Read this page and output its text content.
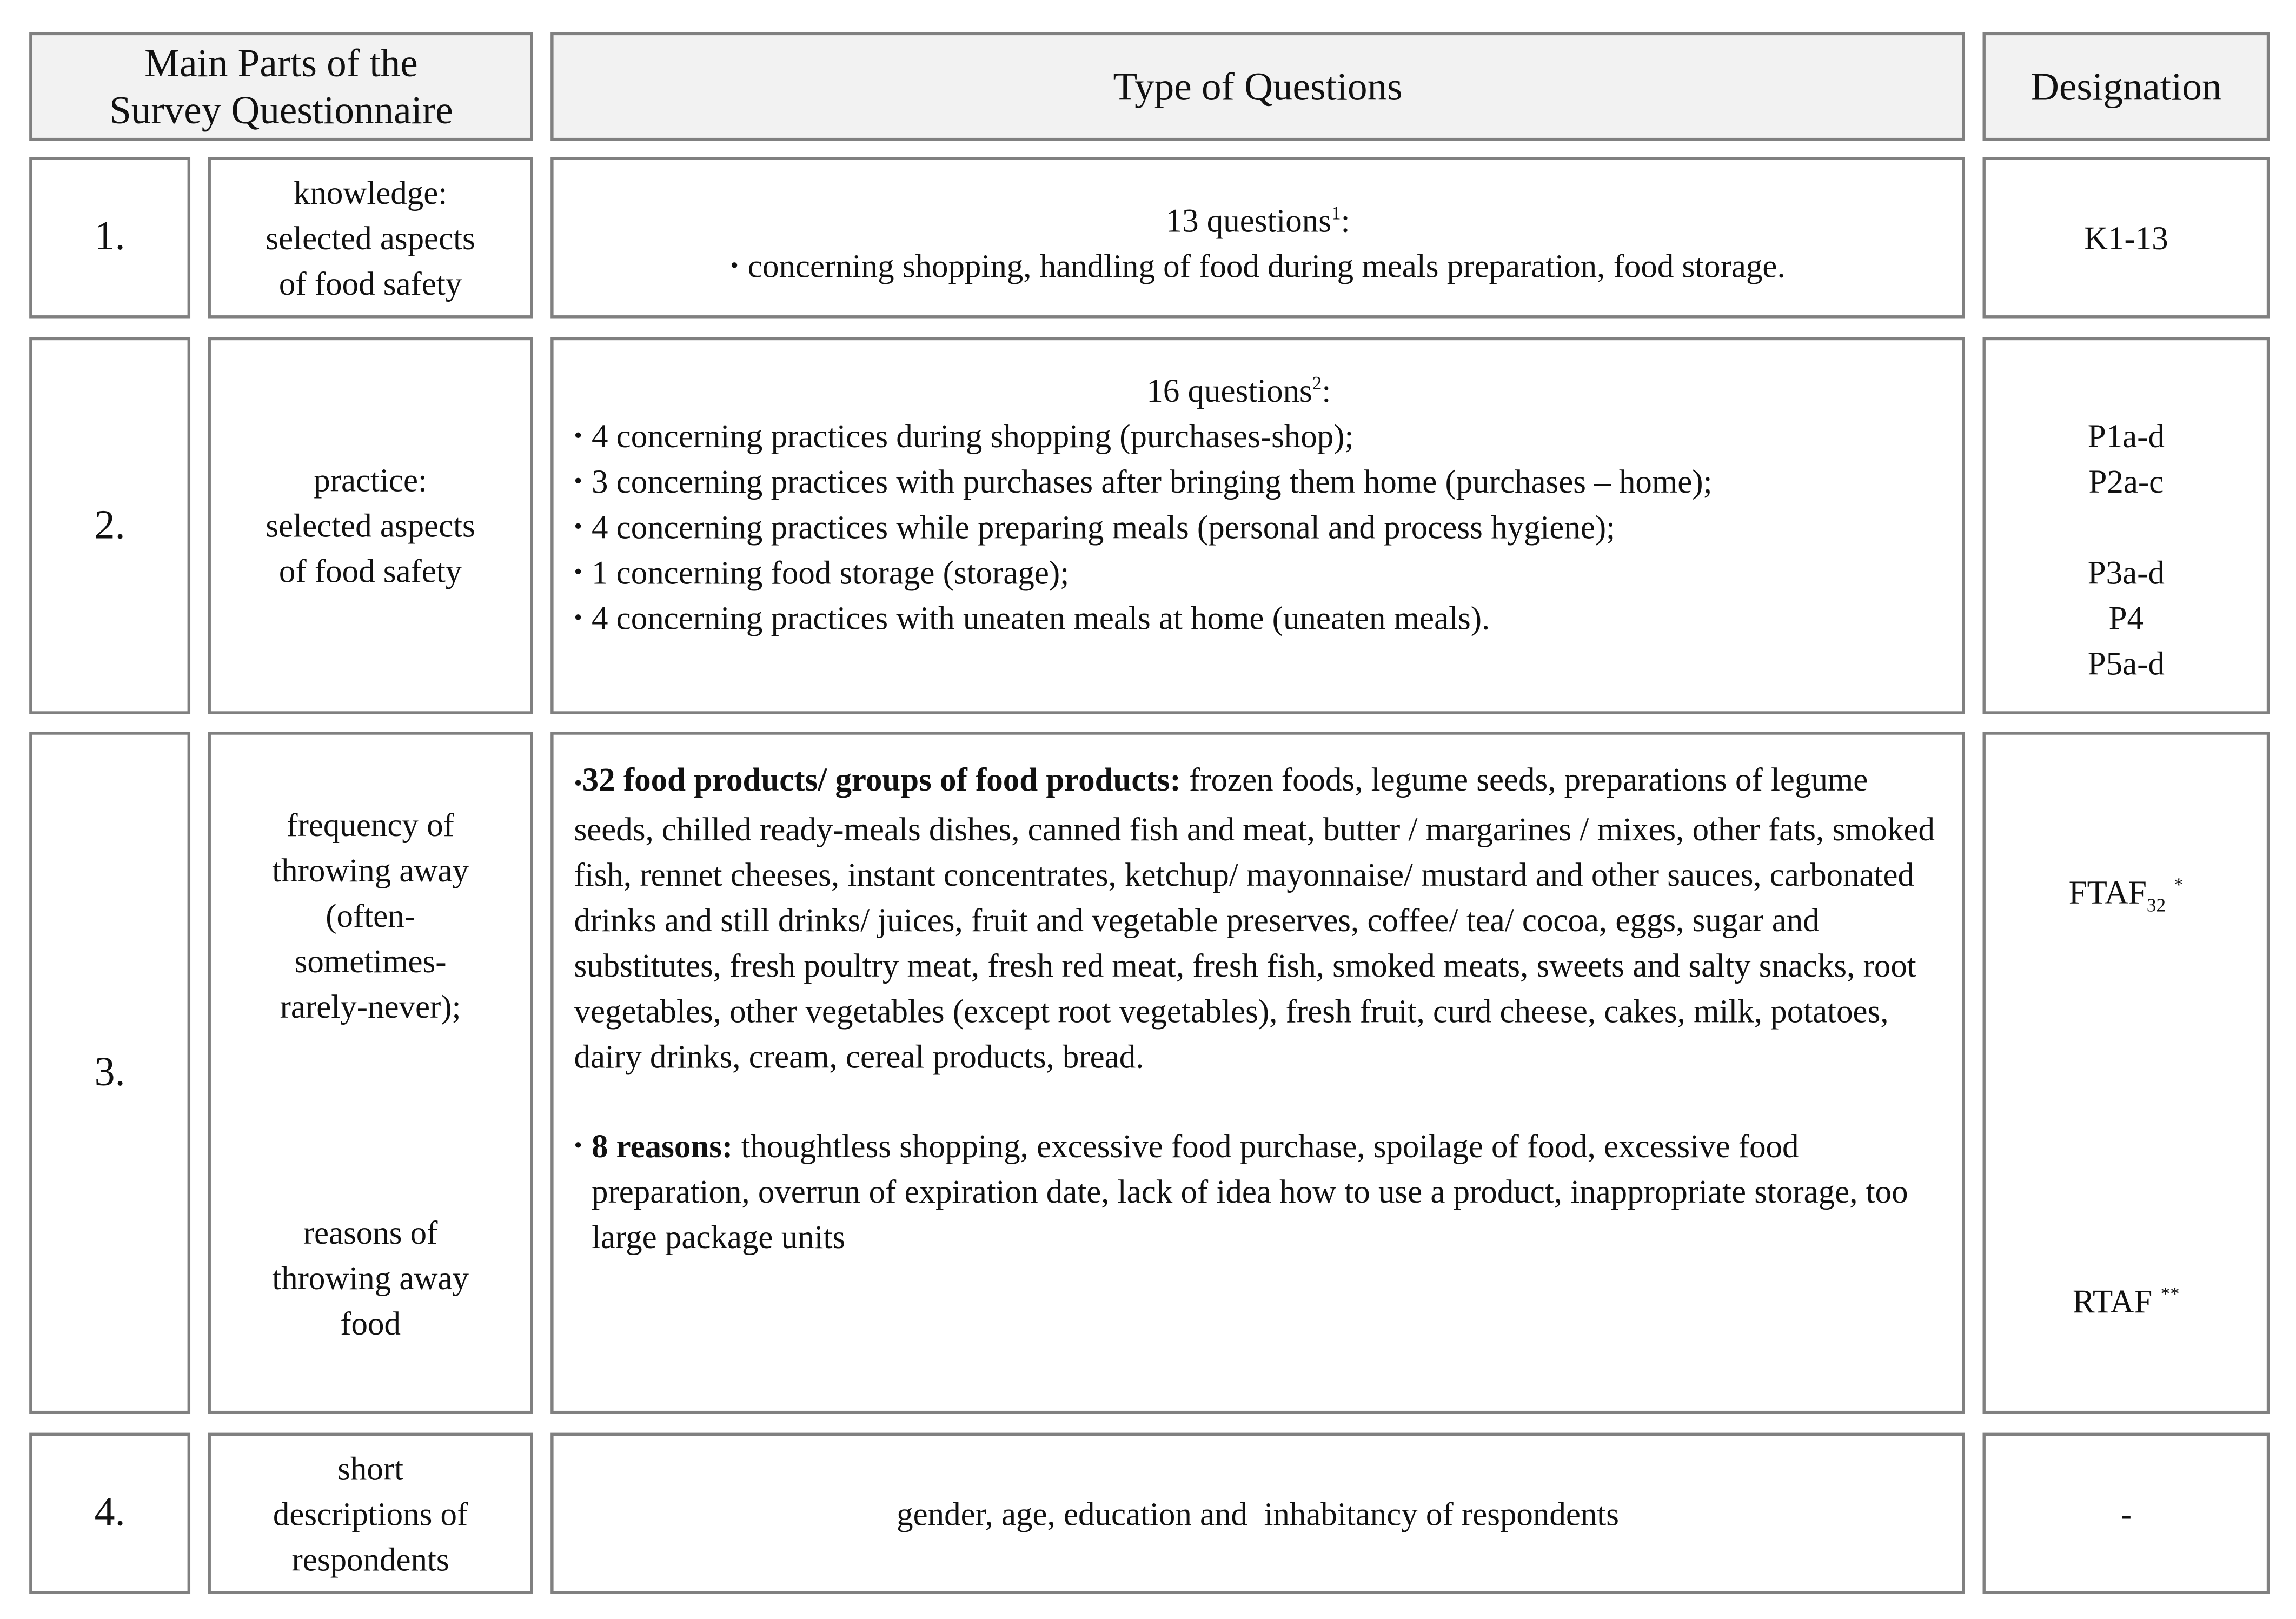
Main Parts of the
Survey Questionnaire
Type of Questions	Designation
1.
knowledge:
selected aspects
of food safety
13 questions$^1$:
• concerning shopping, handling of food during meals preparation, food storage.
K1-13
2.
practice:
selected aspects
of food safety
16 questions$^2$:
• 4 concerning practices during shopping (purchases-shop);
• 3 concerning practices with purchases after bringing them home (purchases – home);
• 4 concerning practices while preparing meals (personal and process hygiene);
• 1 concerning food storage (storage);
• 4 concerning practices with uneaten meals at home (uneaten meals).
P1a-d
P2a-c
P3a-d
P4
P5a-d
3.
frequency of
throwing away
(often-
sometimes-
rarely-never);
reasons of
throwing away
food
•32 food products/ groups of food products: frozen foods, legume seeds, preparations of legume seeds, chilled ready-meals dishes, canned fish and meat, butter / margarines / mixes, other fats, smoked fish, rennet cheeses, instant concentrates, ketchup/ mayonnaise/ mustard and other sauces, carbonated drinks and still drinks/ juices, fruit and vegetable preserves, coffee/ tea/ cocoa, eggs, sugar and substitutes, fresh poultry meat, fresh red meat, fresh fish, smoked meats, sweets and salty snacks, root vegetables, other vegetables (except root vegetables), fresh fruit, curd cheese, cakes, milk, potatoes, dairy drinks, cream, cereal products, bread.
• 8 reasons: thoughtless shopping, excessive food purchase, spoilage of food, excessive food preparation, overrun of expiration date, lack of idea how to use a product, inappropriate storage, too large package units
$FTAF_{32}$ *
RTAF **
4.
short
descriptions of
respondents
gender, age, education and  inhabitancy of respondents	-
